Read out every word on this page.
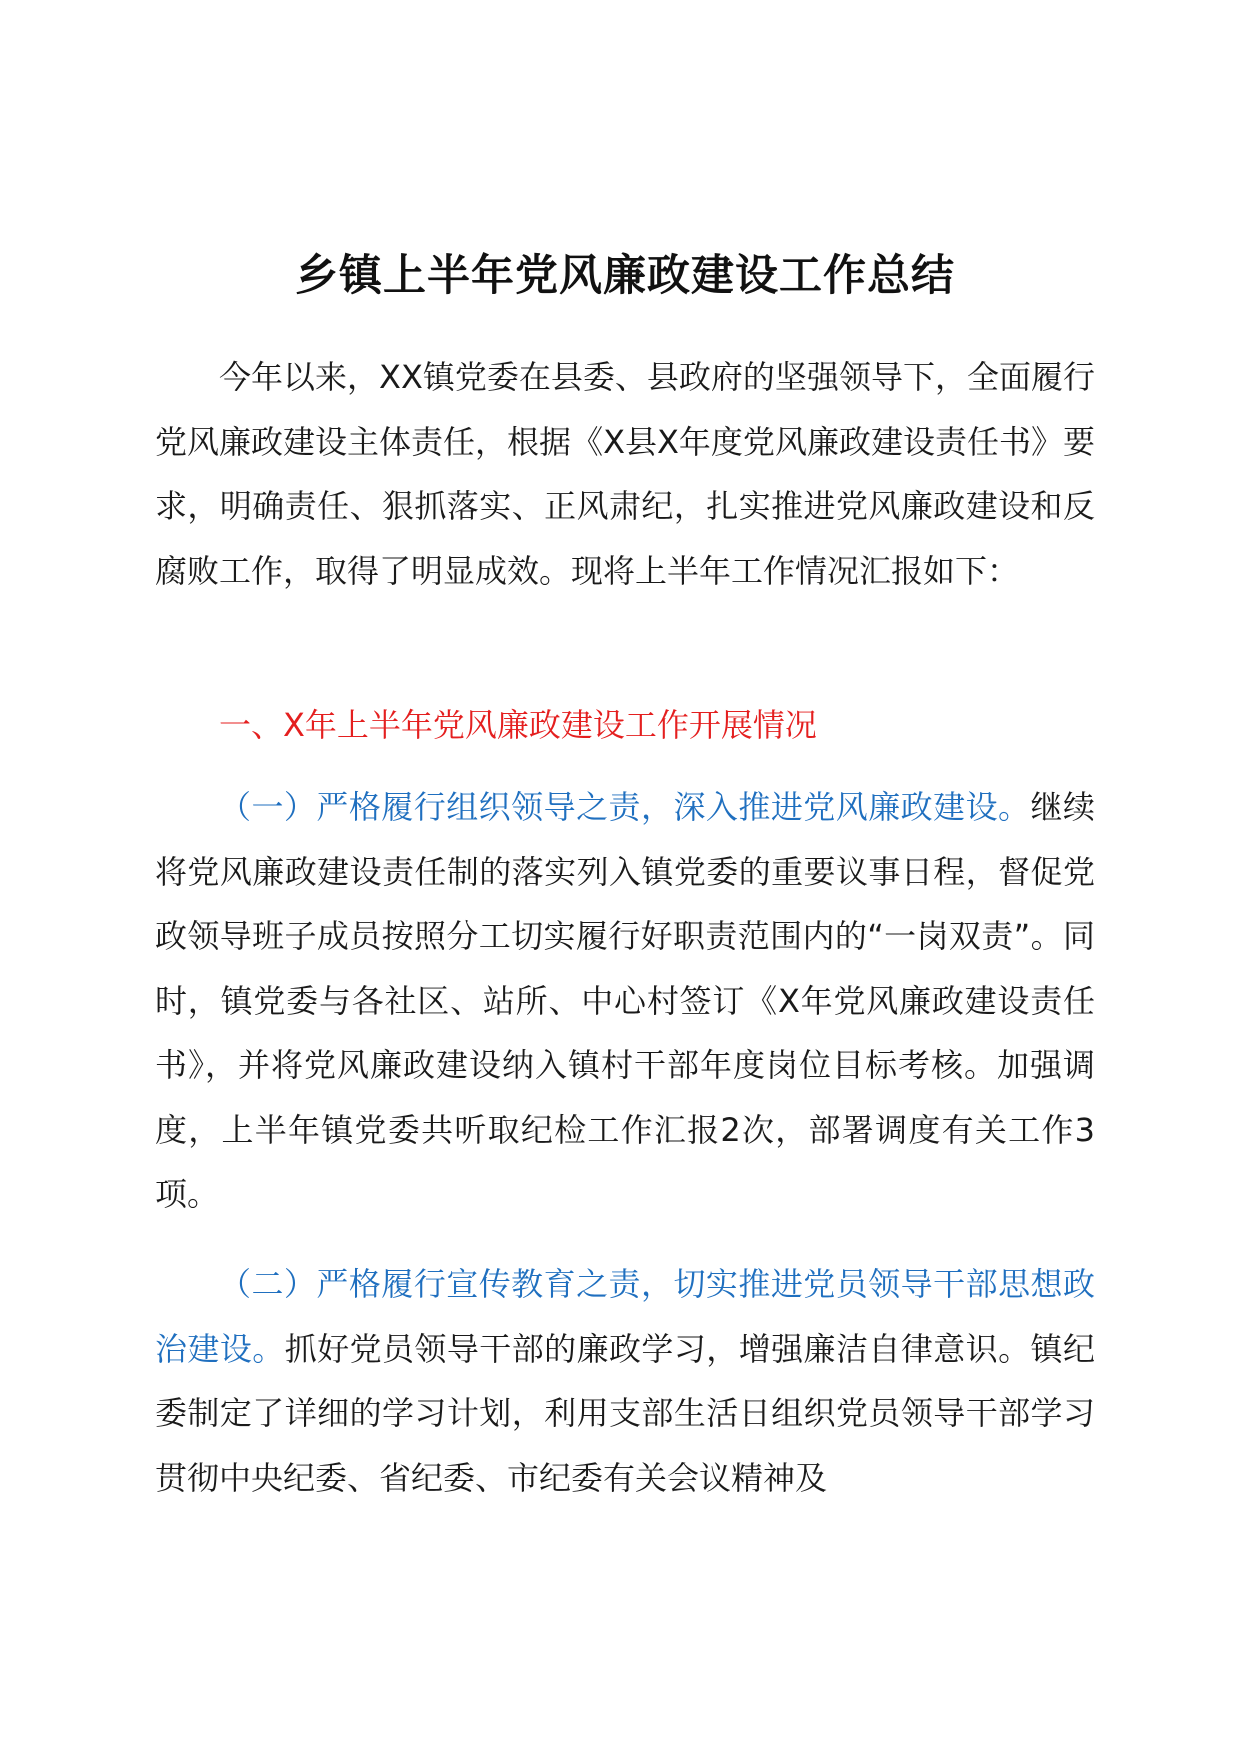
乡镇上半年党风廉政建设工作总结

今年以来，XX镇党委在县委、县政府的坚强领导下，全面履行党风廉政建设主体责任，根据《X县X年度党风廉政建设责任书》要求，明确责任、狠抓落实、正风肃纪，扎实推进党风廉政建设和反腐败工作，取得了明显成效。现将上半年工作情况汇报如下：

一、X年上半年党风廉政建设工作开展情况

（一）严格履行组织领导之责，深入推进党风廉政建设。继续将党风廉政建设责任制的落实列入镇党委的重要议事日程，督促党政领导班子成员按照分工切实履行好职责范围内的“一岗双责”。同时，镇党委与各社区、站所、中心村签订《X年党风廉政建设责任书》，并将党风廉政建设纳入镇村干部年度岗位目标考核。加强调度，上半年镇党委共听取纪检工作汇报2次，部署调度有关工作3项。

（二）严格履行宣传教育之责，切实推进党员领导干部思想政治建设。抓好党员领导干部的廉政学习，增强廉洁自律意识。镇纪委制定了详细的学习计划，利用支部生活日组织党员领导干部学习贯彻中央纪委、省纪委、市纪委有关会议精神及
